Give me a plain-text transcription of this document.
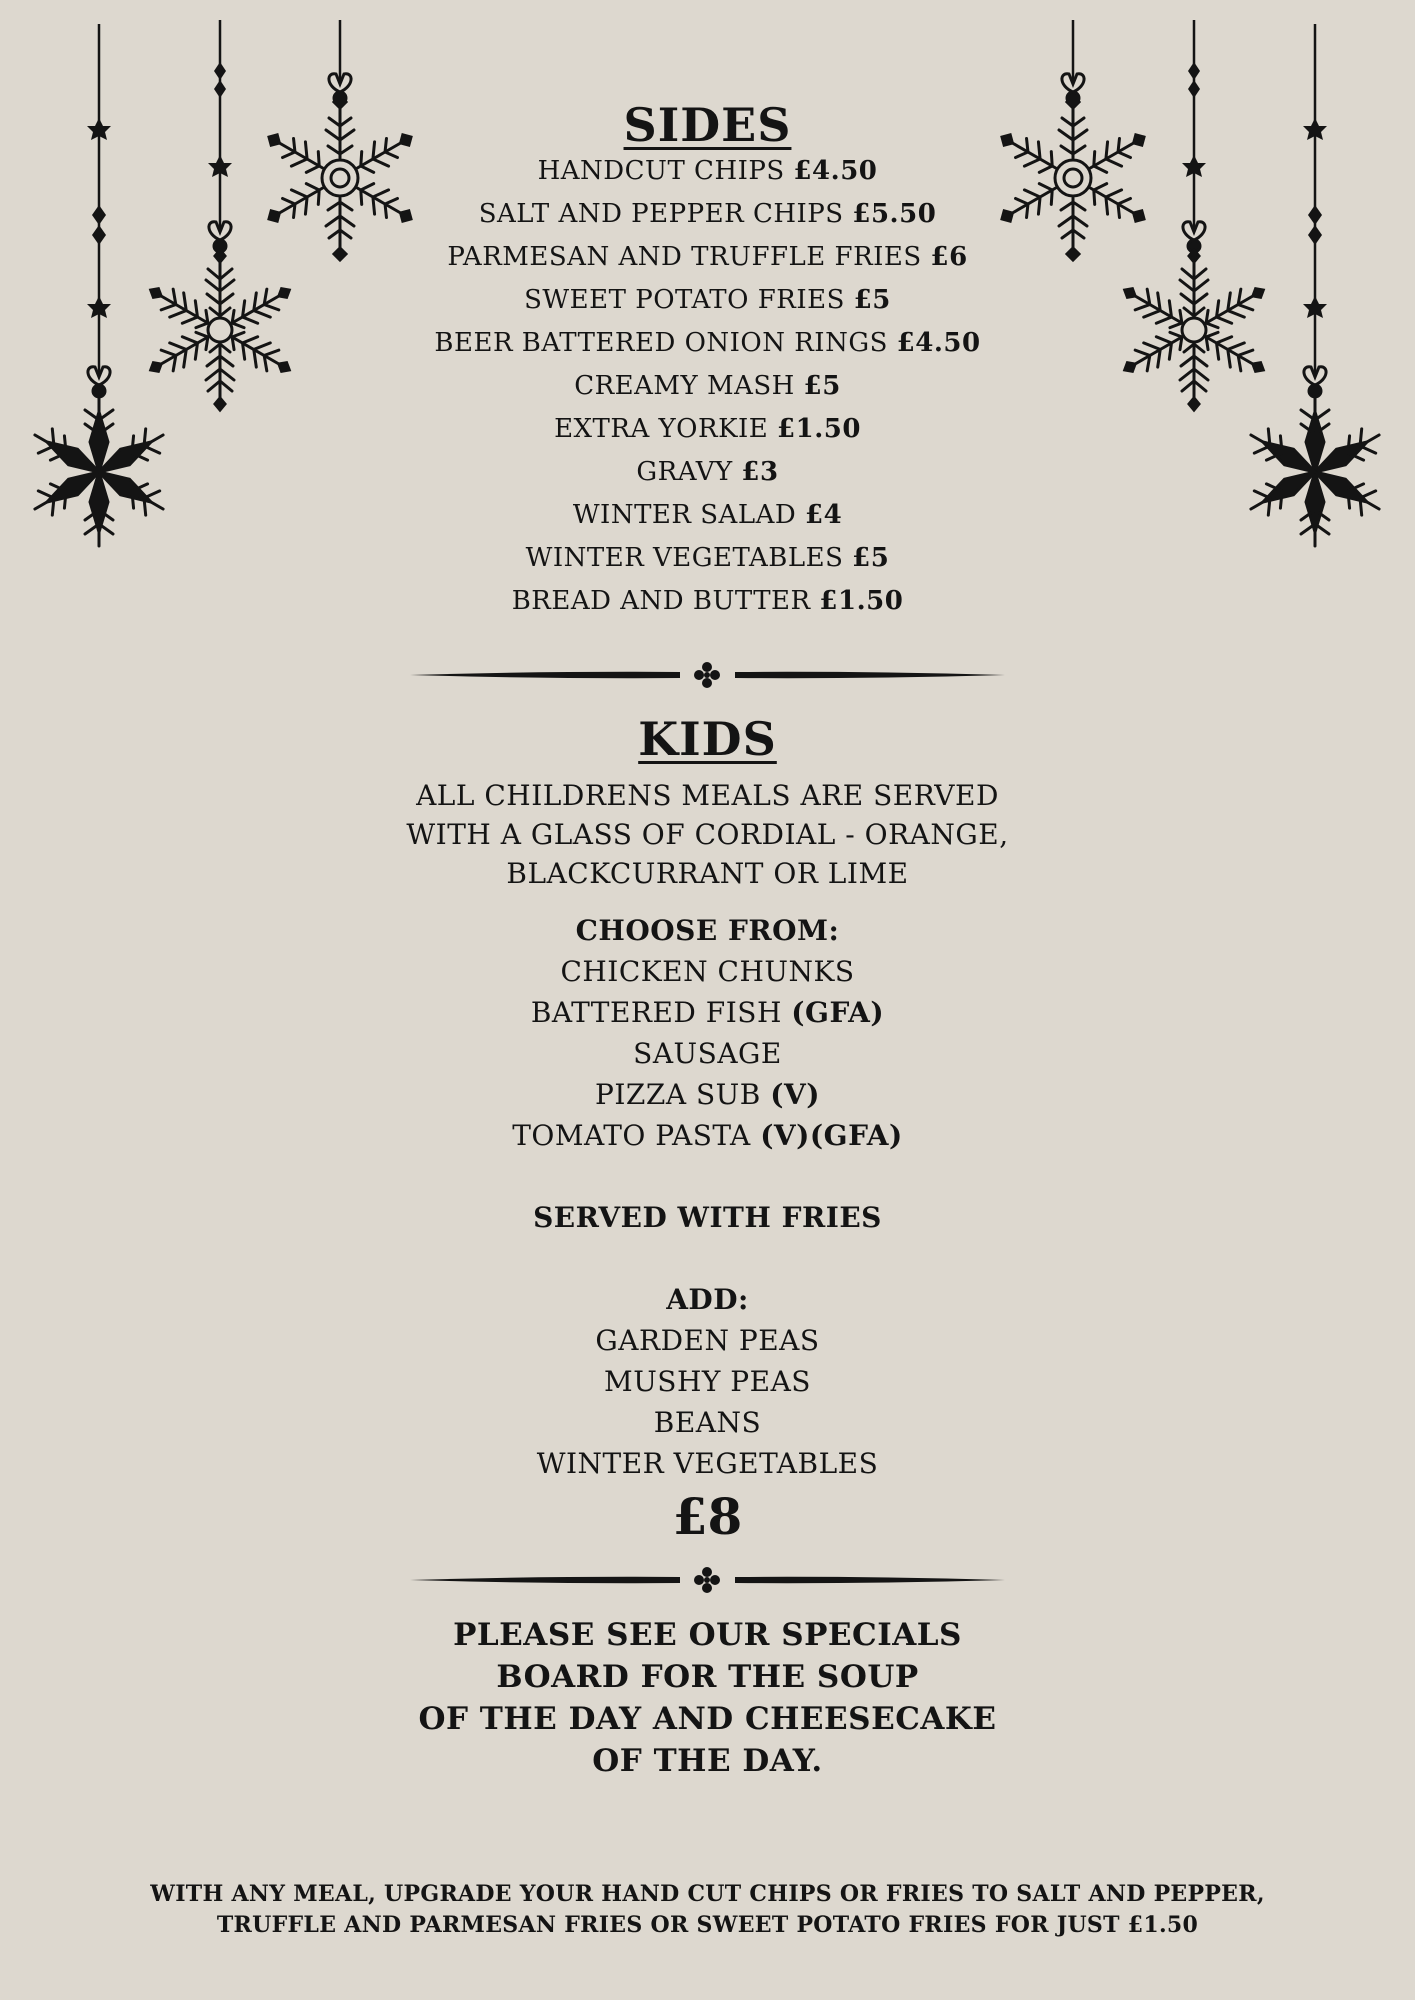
SIDES
HANDCUT CHIPS £4.50
SALT AND PEPPER CHIPS £5.50
PARMESAN AND TRUFFLE FRIES £6
SWEET POTATO FRIES £5
BEER BATTERED ONION RINGS £4.50
CREAMY MASH £5
EXTRA YORKIE £1.50
GRAVY £3
WINTER SALAD £4
WINTER VEGETABLES £5
BREAD AND BUTTER £1.50
KIDS
ALL CHILDRENS MEALS ARE SERVED
WITH A GLASS OF CORDIAL - ORANGE,
BLACKCURRANT OR LIME
CHOOSE FROM:
CHICKEN CHUNKS
BATTERED FISH (GFA)
SAUSAGE
PIZZA SUB (V)
TOMATO PASTA (V)(GFA)
SERVED WITH FRIES
ADD:
GARDEN PEAS
MUSHY PEAS
BEANS
WINTER VEGETABLES
£8
PLEASE SEE OUR SPECIALS
BOARD FOR THE SOUP
OF THE DAY AND CHEESECAKE
OF THE DAY.
WITH ANY MEAL, UPGRADE YOUR HAND CUT CHIPS OR FRIES TO SALT AND PEPPER,
TRUFFLE AND PARMESAN FRIES OR SWEET POTATO FRIES FOR JUST £1.50
